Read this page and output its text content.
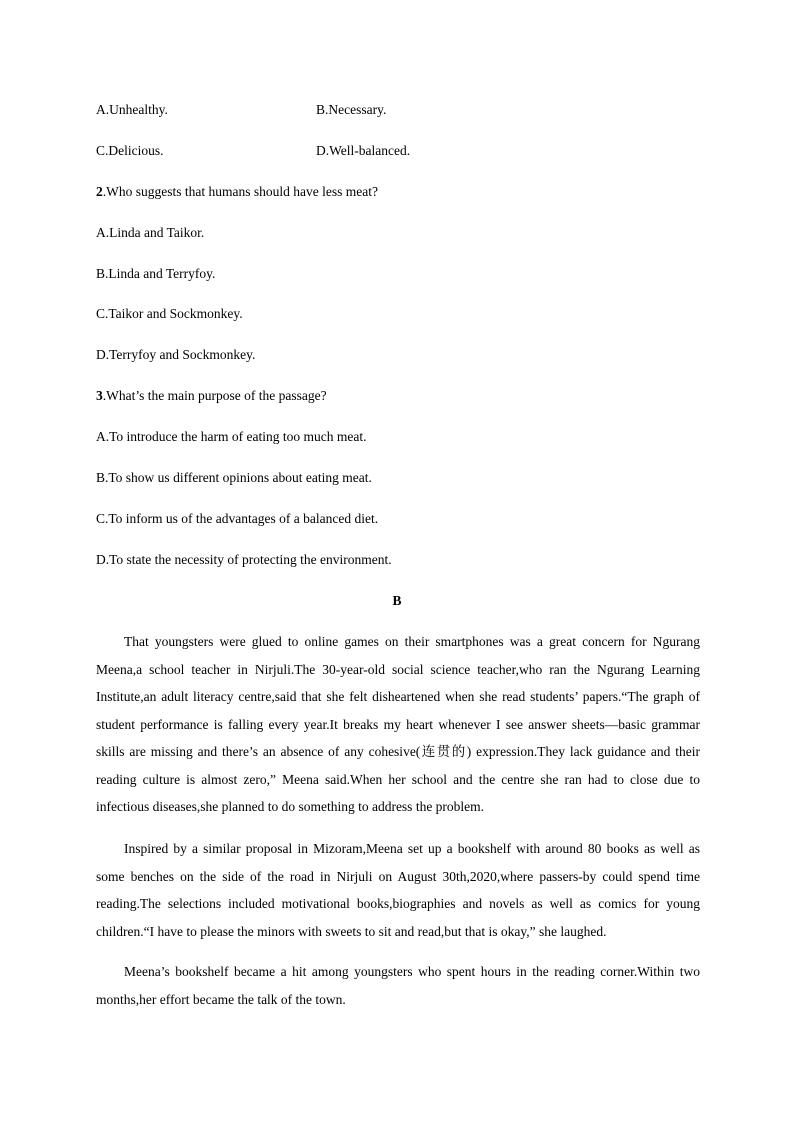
A.Unhealthy.	B.Necessary.
C.Delicious.	D.Well-balanced.
2.Who suggests that humans should have less meat?
A.Linda and Taikor.
B.Linda and Terryfoy.
C.Taikor and Sockmonkey.
D.Terryfoy and Sockmonkey.
3.What’s the main purpose of the passage?
A.To introduce the harm of eating too much meat.
B.To show us different opinions about eating meat.
C.To inform us of the advantages of a balanced diet.
D.To state the necessity of protecting the environment.
B

That youngsters were glued to online games on their smartphones was a great concern for Ngurang Meena,a school teacher in Nirjuli.The 30-year-old social science teacher,who ran the Ngurang Learning Institute,an adult literacy centre,said that she felt disheartened when she read students’ papers.“The graph of student performance is falling every year.It breaks my heart whenever I see answer sheets—basic grammar skills are missing and there’s an absence of any cohesive(连贯的) expression.They lack guidance and their reading culture is almost zero,” Meena said.When her school and the centre she ran had to close due to infectious diseases,she planned to do something to address the problem.

Inspired by a similar proposal in Mizoram,Meena set up a bookshelf with around 80 books as well as some benches on the side of the road in Nirjuli on August 30th,2020,where passers-by could spend time reading.The selections included motivational books,biographies and novels as well as comics for young children.“I have to please the minors with sweets to sit and read,but that is okay,” she laughed.

Meena’s bookshelf became a hit among youngsters who spent hours in the reading corner.Within two months,her effort became the talk of the town.
